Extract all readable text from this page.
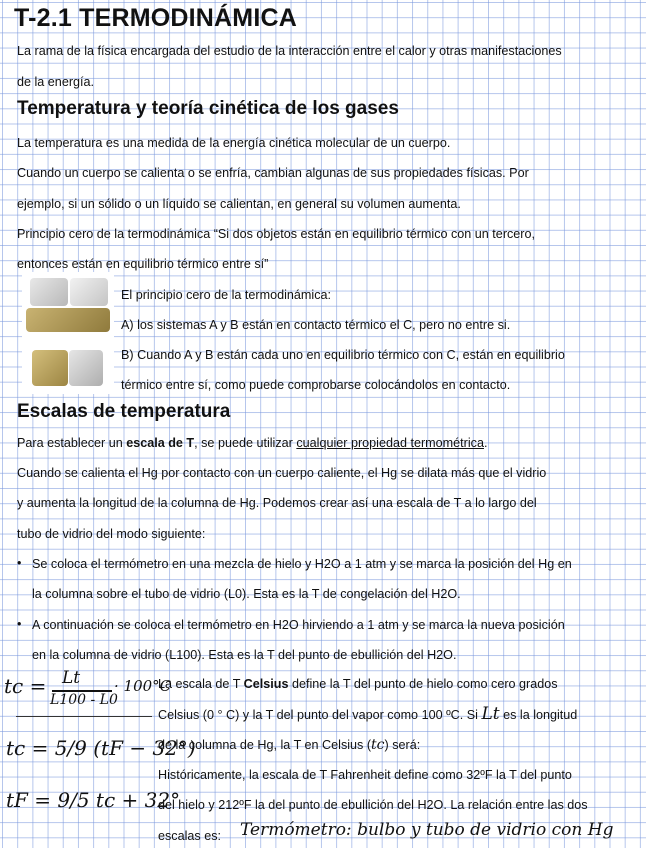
T-2.1 TERMODINÁMICA
La rama de la física encargada del estudio de la interacción entre el calor y otras manifestaciones
de la energía.
Temperatura y teoría cinética de los gases
La temperatura es una medida de la energía cinética molecular de un cuerpo.
Cuando un cuerpo se calienta o se enfría, cambian algunas de sus propiedades físicas. Por
ejemplo, si un sólido o un líquido se calientan, en general su volumen aumenta.
Principio cero de la termodinámica “Si dos objetos están en equilibrio térmico con un tercero,
entonces están en equilibrio térmico entre sí”
El principio cero de la termodinámica:
A) los sistemas A y B están en contacto térmico el C, pero no entre si.
B) Cuando A y B están cada uno en equilibrio térmico con C, están en equilibrio
térmico entre sí, como puede comprobarse colocándolos en contacto.
Escalas de temperatura
Para establecer un escala de T, se puede utilizar cualquier propiedad termométrica.
Cuando se calienta el Hg por contacto con un cuerpo caliente, el Hg se dilata más que el vidrio
y aumenta la longitud de la columna de Hg. Podemos crear así una escala de T a lo largo del
tubo de vidrio del modo siguiente:
• Se coloca el termómetro en una mezcla de hielo y H2O a 1 atm y se marca la posición del Hg en
la columna sobre el tubo de vidrio (L0). Esta es la T de congelación del H2O.
• A continuación se coloca el termómetro en H2O hirviendo a 1 atm y se marca la nueva posición
en la columna de vidrio (L100). Esta es la T del punto de ebullición del H2O.
tc = Lt
L100 - L0
· 100°C
tc = 5/9 (tF − 32°)
tF = 9/5 tc + 32°
La escala de T Celsius define la T del punto de hielo como cero grados
Celsius (0 ° C) y la T del punto del vapor como 100 ºC. Si Lt es la longitud
de la columna de Hg, la T en Celsius (tc) será:
Históricamente, la escala de T Fahrenheit define como 32ºF la T del punto
del hielo y 212ºF la del punto de ebullición del H2O. La relación entre las dos
escalas es: Termómetro: bulbo y tubo de vidrio con Hg
